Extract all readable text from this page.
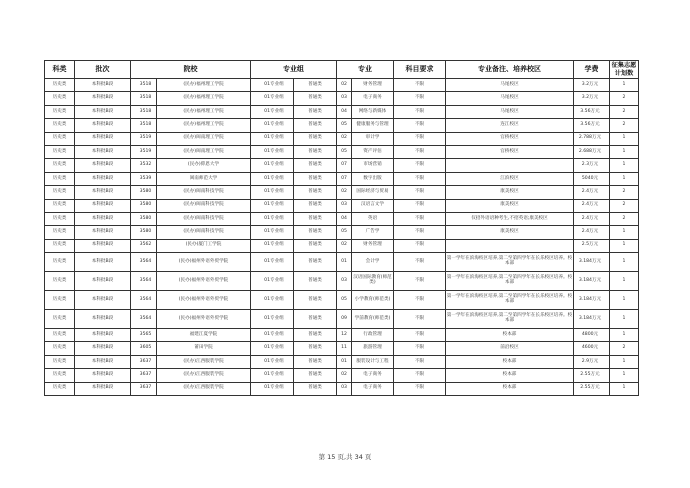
科类	批次	院校		专业组		专业		科目要求	专业备注、培养校区	学费	征集志愿计划数
历史类	本科批B段	3518	(民办)福州理工学院	01专业组	普通类	02	财务管理	不限	马尾校区	3.2万元	1
历史类	本科批B段	3518	(民办)福州理工学院	01专业组	普通类	03	电子商务	不限	马尾校区	3.2万元	2
历史类	本科批B段	3518	(民办)福州理工学院	01专业组	普通类	04	网络与新媒体	不限	马尾校区	3.56万元	2
历史类	本科批B段	3518	(民办)福州理工学院	01专业组	普通类	05	健康服务与管理	不限	连江校区	3.56万元	2
历史类	本科批B段	3519	(民办)闽南理工学院	01专业组	普通类	02	审计学	不限	官桥校区	2.788万元	1
历史类	本科批B段	3519	(民办)闽南理工学院	01专业组	普通类	05	资产评估	不限	官桥校区	2.688万元	1
历史类	本科批B段	3532	(民办)仰恩大学	01专业组	普通类	07	市场营销	不限		2.3万元	1
历史类	本科批B段	3539	闽南师范大学	01专业组	普通类	07	数字出版	不限	江滨校区	5040元	1
历史类	本科批B段	3580	(民办)闽南科技学院	01专业组	普通类	02	国际经济与贸易	不限	康美校区	2.4万元	2
历史类	本科批B段	3580	(民办)闽南科技学院	01专业组	普通类	03	汉语言文学	不限	康美校区	2.4万元	2
历史类	本科批B段	3580	(民办)闽南科技学院	01专业组	普通类	04	英语	不限	仅招外语语种考生,不招英语;康美校区	2.4万元	2
历史类	本科批B段	3580	(民办)闽南科技学院	01专业组	普通类	05	广告学	不限	康美校区	2.4万元	1
历史类	本科批B段	3562	(民办)厦门工学院	01专业组	普通类	02	财务管理	不限		2.5万元	1
历史类	本科批B段	3564	(民办)福州外语外贸学院	01专业组	普通类	01	会计学	不限	第一学年在滨海校区培养,第二至第四学年在长乐校区培养。校本部	3.184万元	1
历史类	本科批B段	3564	(民办)福州外语外贸学院	01专业组	普通类	03	汉语国际教育(师范类)	不限	第一学年在滨海校区培养,第二至第四学年在长乐校区培养。校本部	3.184万元	1
历史类	本科批B段	3564	(民办)福州外语外贸学院	01专业组	普通类	05	小学教育(师范类)	不限	第一学年在滨海校区培养,第二至第四学年在长乐校区培养。校本部	3.184万元	1
历史类	本科批B段	3564	(民办)福州外语外贸学院	01专业组	普通类	09	学前教育(师范类)	不限	第一学年在滨海校区培养,第二至第四学年在长乐校区培养。校本部	3.184万元	1
历史类	本科批B段	3565	福建江夏学院	01专业组	普通类	12	行政管理	不限	校本部	4800元	1
历史类	本科批B段	3605	莆田学院	01专业组	普通类	11	旅游管理	不限	前沿校区	4600元	2
历史类	本科批B段	3637	(民办)江西服装学院	01专业组	普通类	01	服装设计与工程	不限	校本部	2.9万元	1
历史类	本科批B段	3637	(民办)江西服装学院	01专业组	普通类	02	电子商务	不限	校本部	2.55万元	1
历史类	本科批B段	3637	(民办)江西服装学院	01专业组	普通类	03	电子商务	不限	校本部	2.55万元	1
第 15 页,共 34 页
